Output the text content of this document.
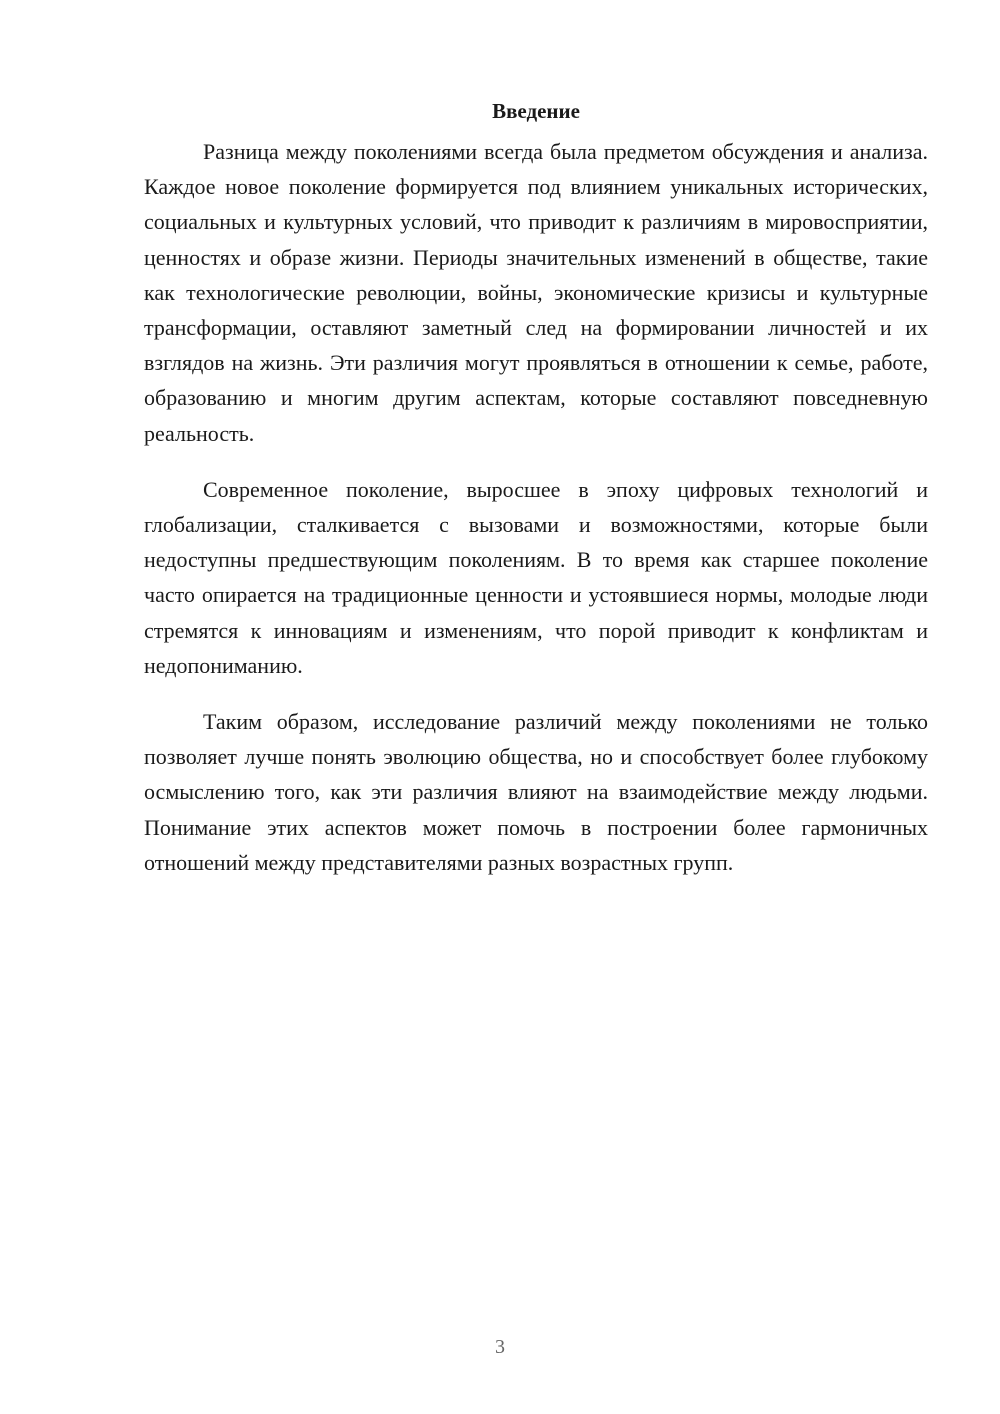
Введение

Разница между поколениями всегда была предметом обсуждения и анализа. Каждое новое поколение формируется под влиянием уникальных исторических, социальных и культурных условий, что приводит к различиям в мировосприятии, ценностях и образе жизни. Периоды значительных изменений в обществе, такие как технологические революции, войны, экономические кризисы и культурные трансформации, оставляют заметный след на формировании личностей и их взглядов на жизнь. Эти различия могут проявляться в отношении к семье, работе, образованию и многим другим аспектам, которые составляют повседневную реальность.

Современное поколение, выросшее в эпоху цифровых технологий и глобализации, сталкивается с вызовами и возможностями, которые были недоступны предшествующим поколениям. В то время как старшее поколение часто опирается на традиционные ценности и устоявшиеся нормы, молодые люди стремятся к инновациям и изменениям, что порой приводит к конфликтам и недопониманию.

Таким образом, исследование различий между поколениями не только позволяет лучше понять эволюцию общества, но и способствует более глубокому осмыслению того, как эти различия влияют на взаимодействие между людьми. Понимание этих аспектов может помочь в построении более гармоничных отношений между представителями разных возрастных групп.

3
